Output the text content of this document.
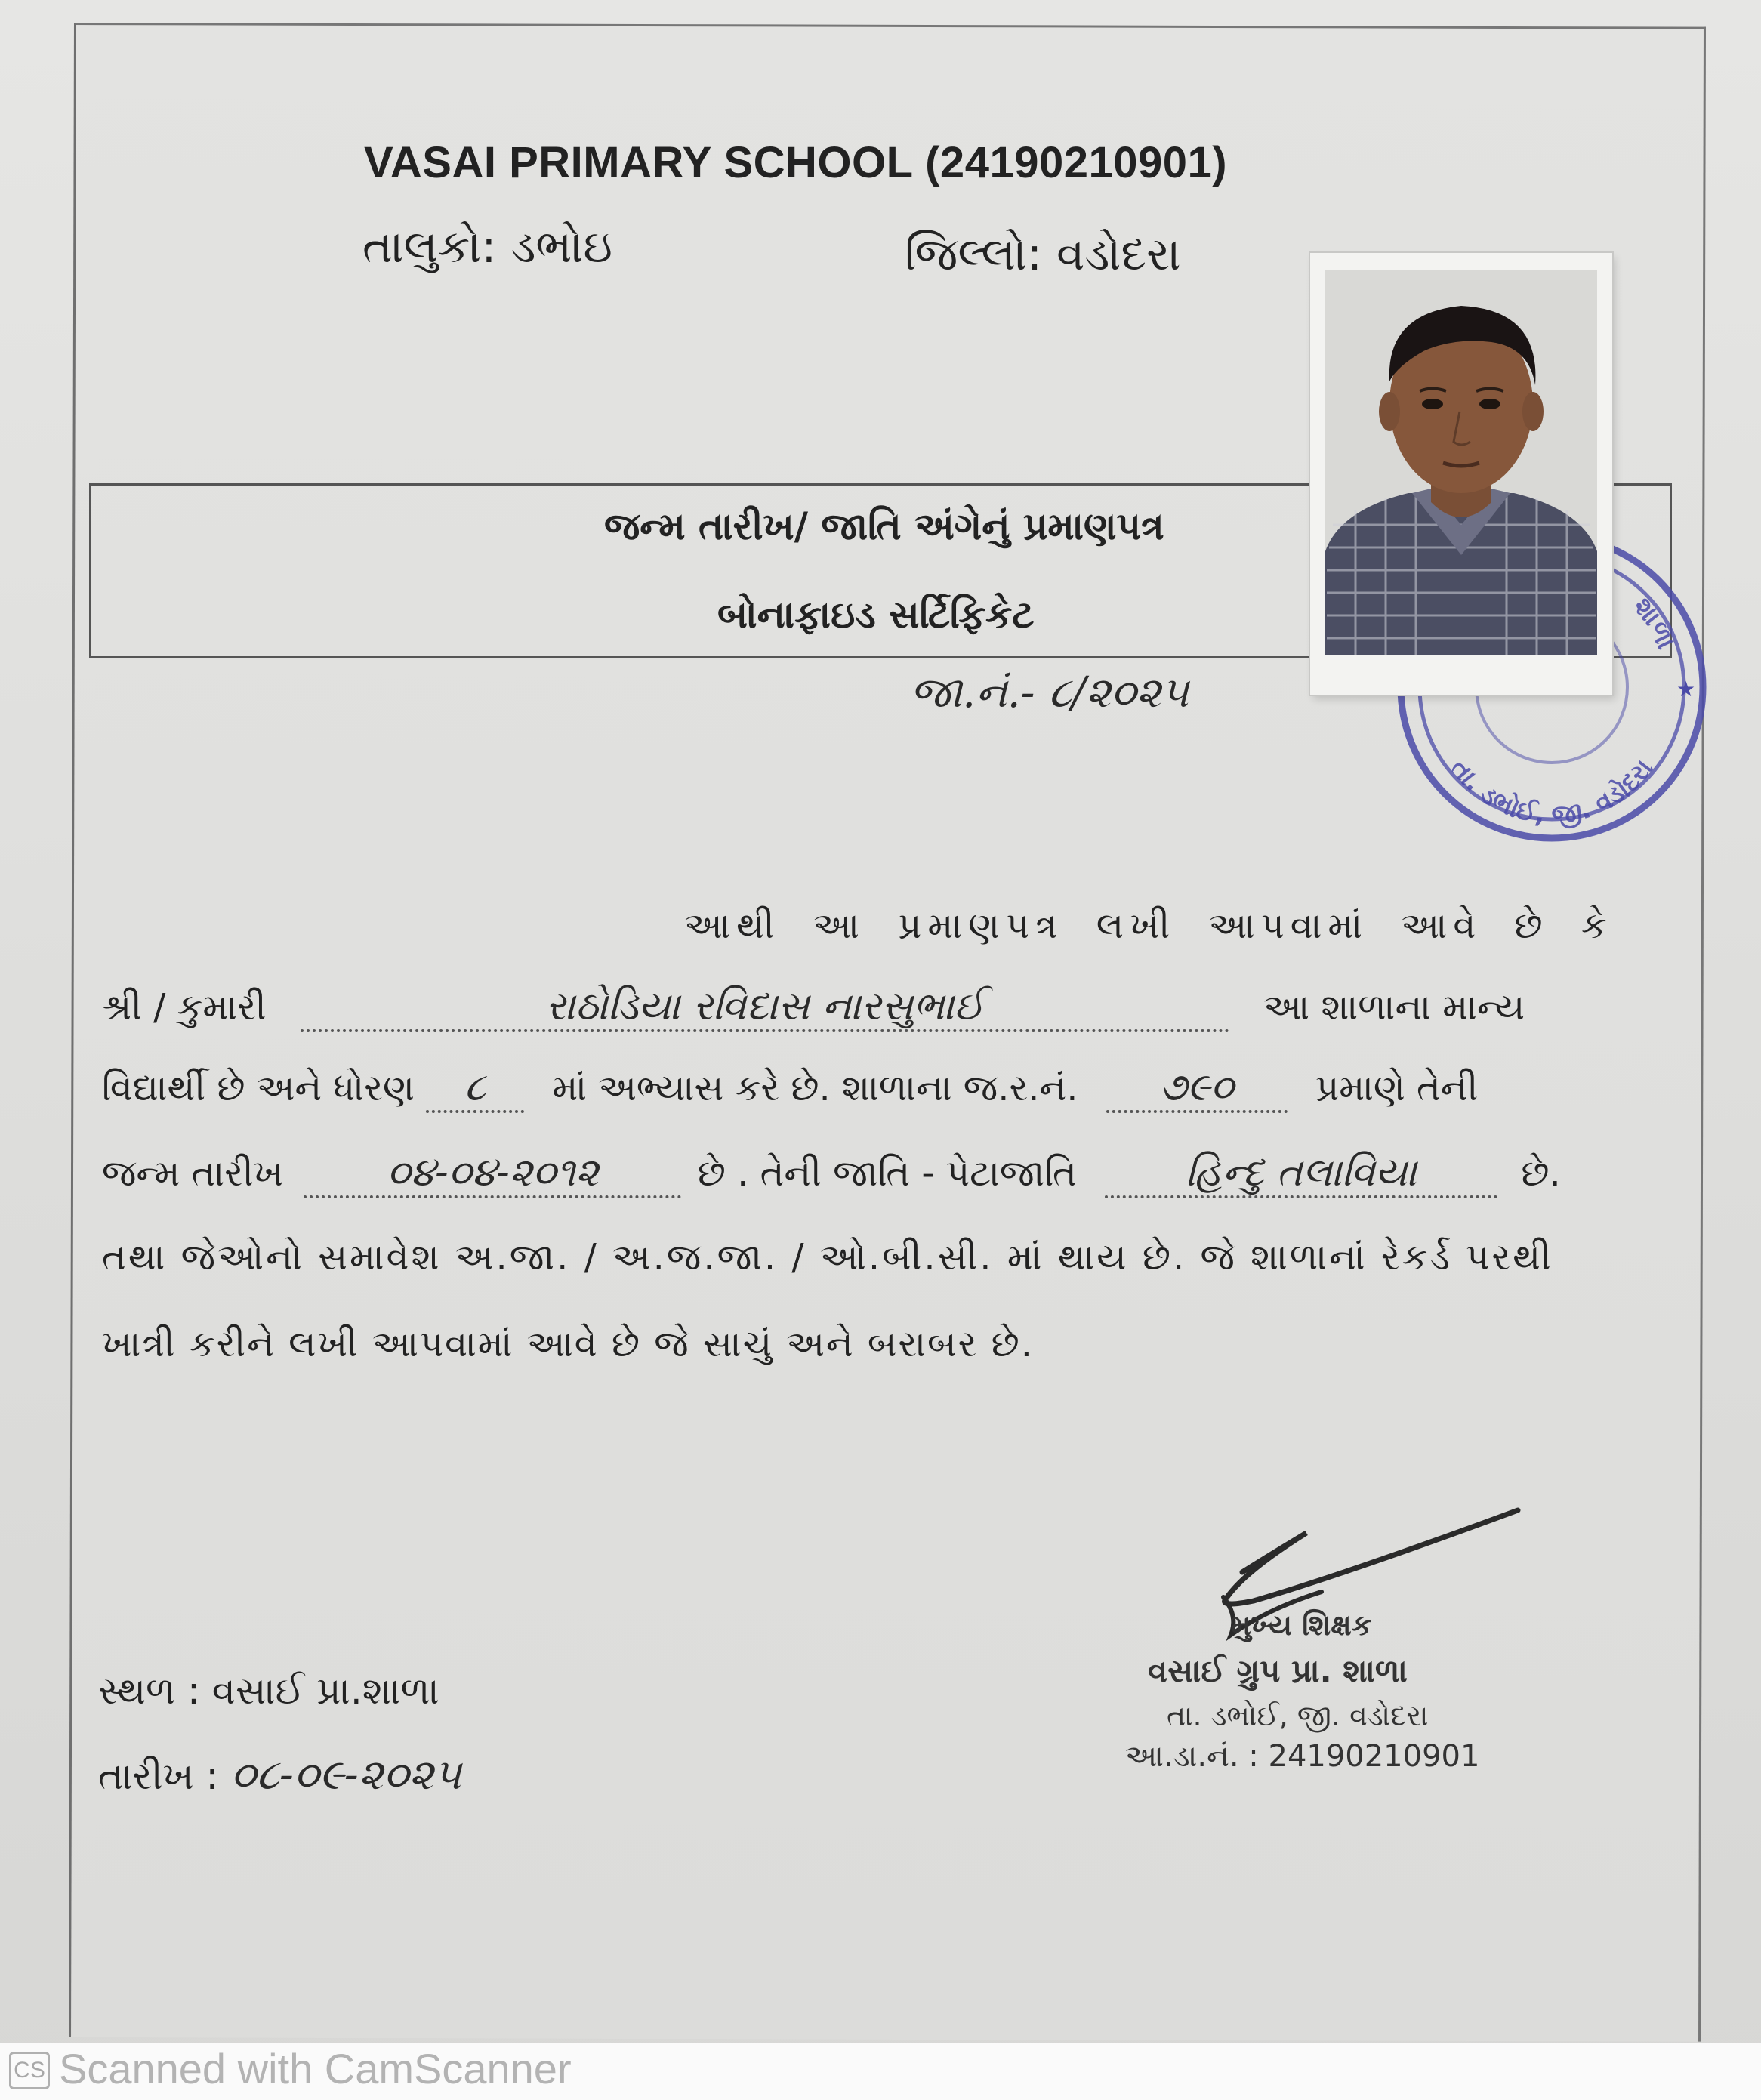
VASAI PRIMARY SCHOOL (24190210901)
તાલુકો: ડભોઇ	જિલ્લો: વડોદરા
જન્મ તારીખ/ જાતિ અંગેનું પ્રમાણપત્ર
બોનાફાઇડ સર્ટિફિકેટ
જા.નં.- ૮/૨૦૨૫
શાળા
તા. ડભોઈ, જી. વડોદરા
★
આથી આ પ્રમાણપત્ર લખી આપવામાં આવે છે કે
શ્રી / કુમારી	રાઠોડિયા રવિદાસ નારસુભાઈ	આ શાળાના માન્ય
વિદ્યાર્થી છે અને ધોરણ ૮ માં અભ્યાસ કરે છે. શાળાના જ.ર.નં. ૭૯૦ પ્રમાણે તેની
જન્મ તારીખ	૦૪-૦૪-૨૦૧૨	છે . તેની જાતિ - પેટાજાતિ	હિન્દુ તલાવિયા	છે.
તથા જેઓનો સમાવેશ અ.જા. / અ.જ.જા. / ઓ.બી.સી. માં થાય છે. જે શાળાનાં રેકર્ડ પરથી
ખાત્રી કરીને લખી આપવામાં આવે છે જે સાચું અને બરાબર છે.
મુખ્ય શિક્ષક
વસાઈ ગ્રુપ પ્રા. શાળા
તા. ડભોઈ, જી. વડોદરા
આ.ડા.નં. : 24190210901
સ્થળ : વસાઈ પ્રા.શાળા
તારીખ : ૦૮-૦૯-૨૦૨૫
CS Scanned with CamScanner
